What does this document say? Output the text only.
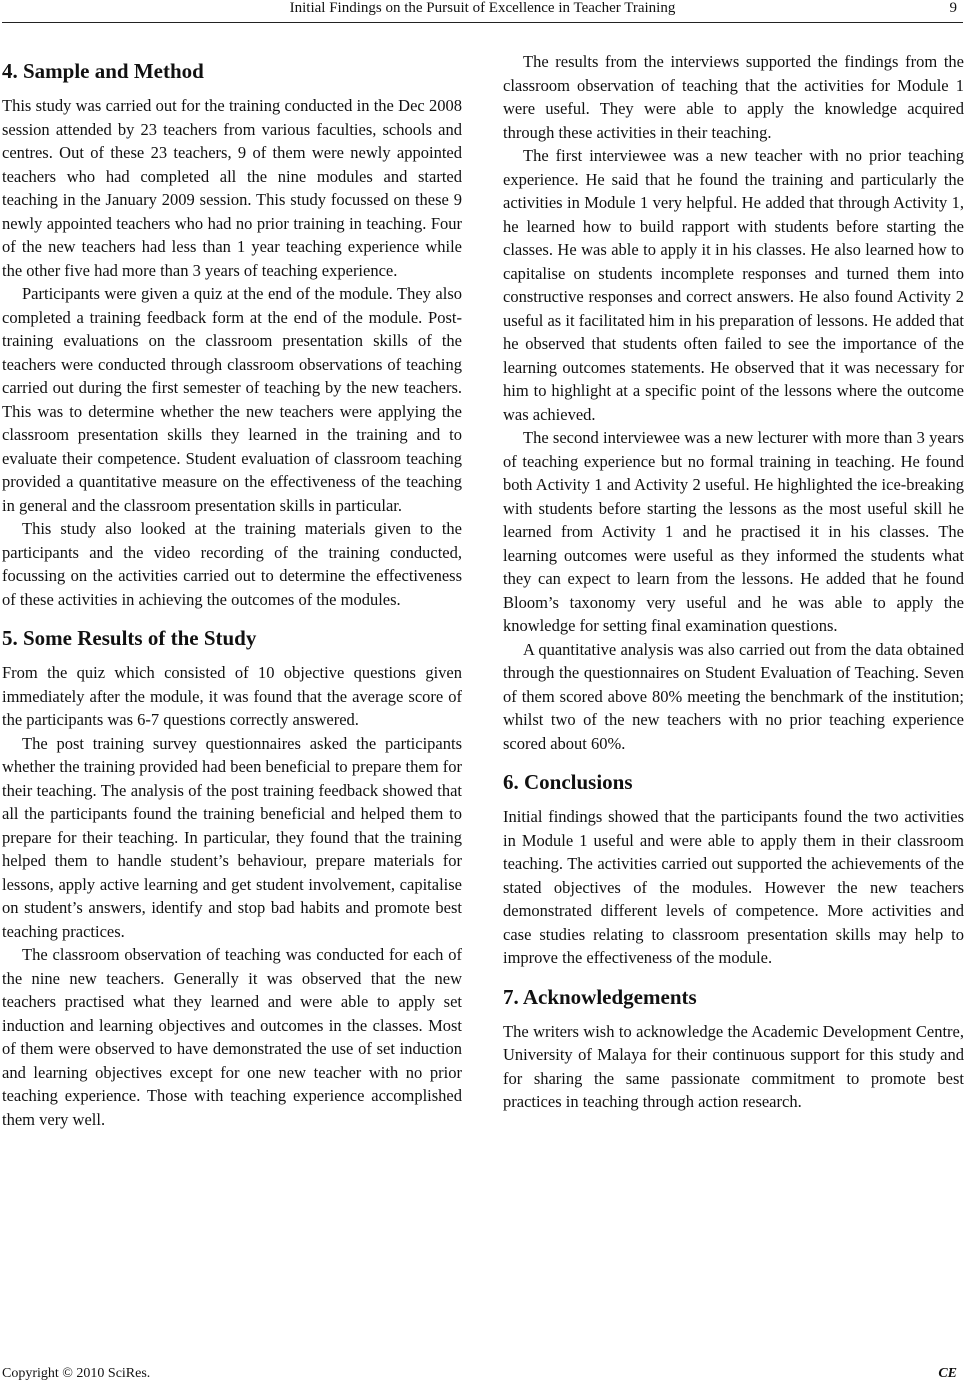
Initial Findings on the Pursuit of Excellence in Teacher Training	9
4. Sample and Method

This study was carried out for the training conducted in the Dec 2008 session attended by 23 teachers from various faculties, schools and centres. Out of these 23 teachers, 9 of them were newly appointed teachers who had completed all the nine modules and started teaching in the January 2009 session. This study focussed on these 9 newly appointed teachers who had no prior training in teaching. Four of the new teachers had less than 1 year teaching experience while the other five had more than 3 years of teaching experience.

Participants were given a quiz at the end of the module. They also completed a training feedback form at the end of the module. Post-training evaluations on the classroom presentation skills of the teachers were conducted through classroom observations of teaching carried out during the first semester of teaching by the new teachers. This was to determine whether the new teachers were applying the classroom presentation skills they learned in the training and to evaluate their competence. Student evaluation of classroom teaching provided a quantitative measure on the effectiveness of the teaching in general and the classroom presentation skills in particular.

This study also looked at the training materials given to the participants and the video recording of the training conducted, focussing on the activities carried out to determine the effectiveness of these activities in achieving the outcomes of the modules.

5. Some Results of the Study

From the quiz which consisted of 10 objective questions given immediately after the module, it was found that the average score of the participants was 6-7 questions correctly answered.

The post training survey questionnaires asked the participants whether the training provided had been beneficial to prepare them for their teaching. The analysis of the post training feedback showed that all the participants found the training beneficial and helped them to prepare for their teaching. In particular, they found that the training helped them to handle student’s behaviour, prepare materials for lessons, apply active learning and get student involvement, capitalise on student’s answers, identify and stop bad habits and promote best teaching practices.

The classroom observation of teaching was conducted for each of the nine new teachers. Generally it was observed that the new teachers practised what they learned and were able to apply set induction and learning objectives and outcomes in the classes. Most of them were observed to have demonstrated the use of set induction and learning objectives except for one new teacher with no prior teaching experience. Those with teaching experience accomplished them very well.

The results from the interviews supported the findings from the classroom observation of teaching that the activities for Module 1 were useful. They were able to apply the knowledge acquired through these activities in their teaching.

The first interviewee was a new teacher with no prior teaching experience. He said that he found the training and particularly the activities in Module 1 very helpful. He added that through Activity 1, he learned how to build rapport with students before starting the classes. He was able to apply it in his classes. He also learned how to capitalise on students incomplete responses and turned them into constructive responses and correct answers. He also found Activity 2 useful as it facilitated him in his preparation of lessons. He added that he observed that students often failed to see the importance of the learning outcomes statements. He observed that it was necessary for him to highlight at a specific point of the lessons where the outcome was achieved.

The second interviewee was a new lecturer with more than 3 years of teaching experience but no formal training in teaching. He found both Activity 1 and Activity 2 useful. He highlighted the ice-breaking with students before starting the lessons as the most useful skill he learned from Activity 1 and he practised it in his classes. The learning outcomes were useful as they informed the students what they can expect to learn from the lessons. He added that he found Bloom’s taxonomy very useful and he was able to apply the knowledge for setting final examination questions.

A quantitative analysis was also carried out from the data obtained through the questionnaires on Student Evaluation of Teaching. Seven of them scored above 80% meeting the benchmark of the institution; whilst two of the new teachers with no prior teaching experience scored about 60%.

6. Conclusions

Initial findings showed that the participants found the two activities in Module 1 useful and were able to apply them in their classroom teaching. The activities carried out supported the achievements of the stated objectives of the modules. However the new teachers demonstrated different levels of competence. More activities and case studies relating to classroom presentation skills may help to improve the effectiveness of the module.

7. Acknowledgements

The writers wish to acknowledge the Academic Development Centre, University of Malaya for their continuous support for this study and for sharing the same passionate commitment to promote best practices in teaching through action research.

Copyright © 2010 SciRes.	CE
